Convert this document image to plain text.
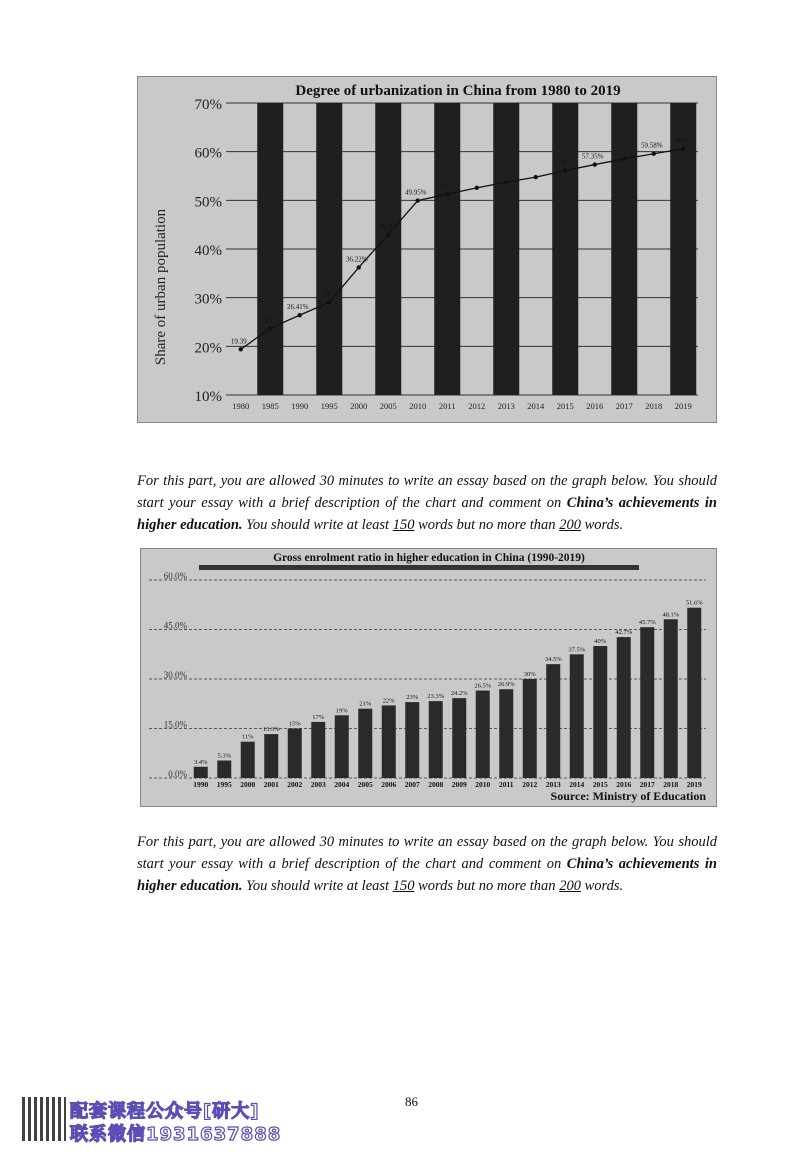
Degree of urbanization in China from 1980 to 2019
Share of urban population
10%
20%
30%
40%
50%
60%
70%
1980 1985 1990 1995 2000 2005 2010 2011 2012 2013 2014 2015 2016 2017 2018 2019
19.39
23
26.41%
29
36.22%
42.9
49.95%
51.
56
57.35%
59.58%
60%

For this part, you are allowed 30 minutes to write an essay based on the graph below. You should start your essay with a brief description of the chart and comment on China’s achievements in higher education. You should write at least 150 words but no more than 200 words.

Gross enrolment ratio in higher education in China (1990-2019)
0.0%
15.0%
30.0%
45.0%
60.0%
1990 1995 2000 2001 2002 2003 2004 2005 2006 2007 2008 2009 2010 2011 2012 2013 2014 2015 2016 2017 2018 2019
3.4%
5.3%
11%
13.3%
15%
17%
19%
21% 22% 23% 23.3% 24.2%
26.5% 26.9%
30%
34.5%
37.5%
40%
42.7%
45.7%
48.1%
51.6%
Source: Ministry of Education

For this part, you are allowed 30 minutes to write an essay based on the graph below. You should start your essay with a brief description of the chart and comment on China’s achievements in higher education. You should write at least 150 words but no more than 200 words.

86
配套课程公众号[研大]
联系微信1931637888
